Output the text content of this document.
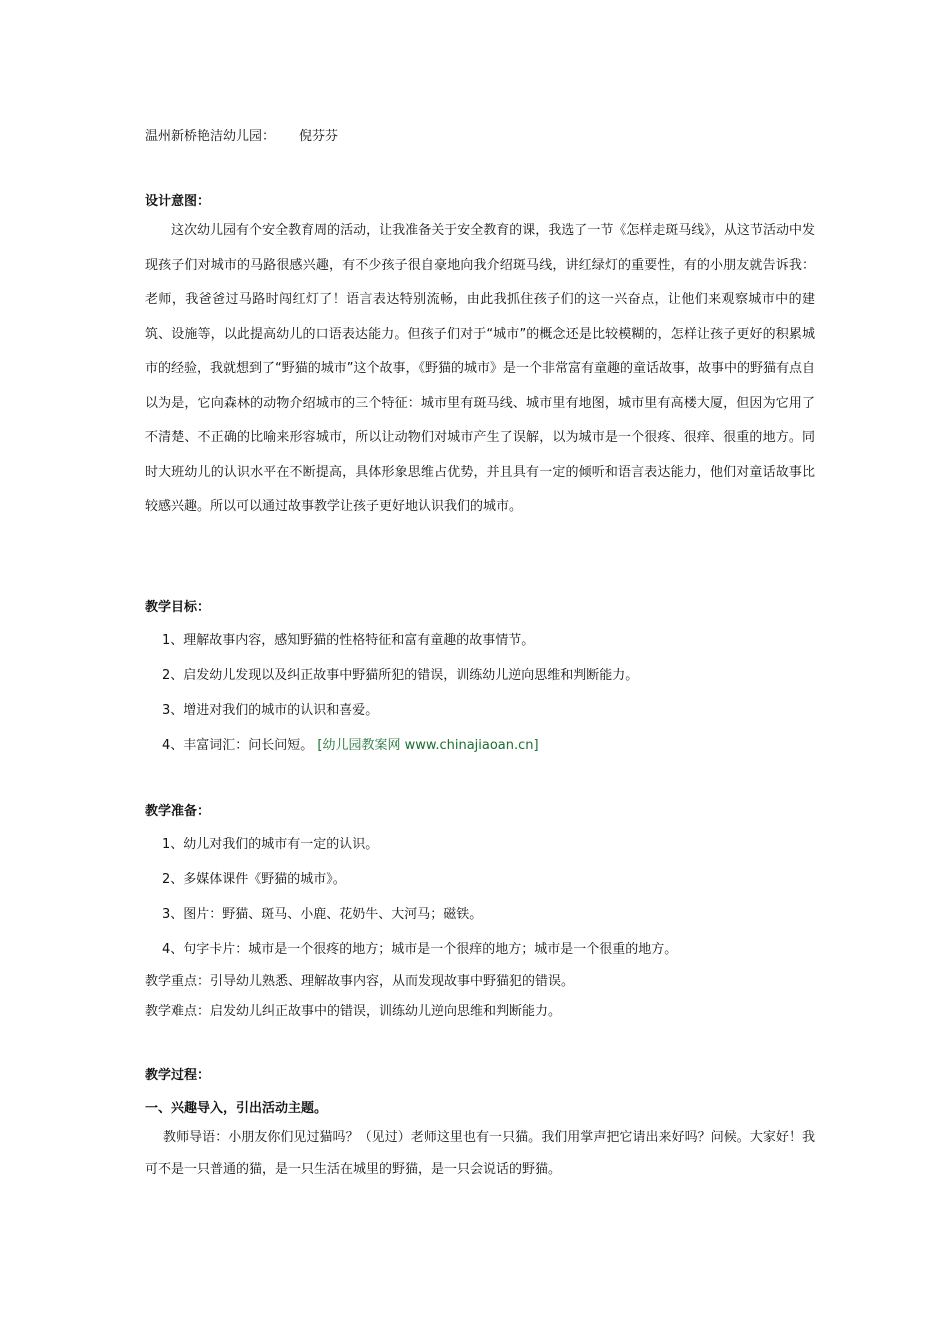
温州新桥艳洁幼儿园： 倪芬芬
设计意图：
这次幼儿园有个安全教育周的活动，让我准备关于安全教育的课，我选了一节《怎样走斑马线》，从这节活动中发现孩子们对城市的马路很感兴趣，有不少孩子很自豪地向我介绍斑马线，讲红绿灯的重要性，有的小朋友就告诉我：老师，我爸爸过马路时闯红灯了！语言表达特别流畅，由此我抓住孩子们的这一兴奋点，让他们来观察城市中的建筑、设施等，以此提高幼儿的口语表达能力。但孩子们对于“城市”的概念还是比较模糊的，怎样让孩子更好的积累城市的经验，我就想到了“野猫的城市”这个故事，《野猫的城市》是一个非常富有童趣的童话故事，故事中的野猫有点自以为是，它向森林的动物介绍城市的三个特征：城市里有斑马线、城市里有地图，城市里有高楼大厦，但因为它用了不清楚、不正确的比喻来形容城市，所以让动物们对城市产生了误解，以为城市是一个很疼、很痒、很重的地方。同时大班幼儿的认识水平在不断提高，具体形象思维占优势，并且具有一定的倾听和语言表达能力，他们对童话故事比较感兴趣。所以可以通过故事教学让孩子更好地认识我们的城市。
教学目标：
1、理解故事内容，感知野猫的性格特征和富有童趣的故事情节。
2、启发幼儿发现以及纠正故事中野猫所犯的错误，训练幼儿逆向思维和判断能力。
3、增进对我们的城市的认识和喜爱。
4、丰富词汇：问长问短。 [幼儿园教案网 www.chinajiaoan.cn]
教学准备：
1、幼儿对我们的城市有一定的认识。
2、多媒体课件《野猫的城市》。
3、图片：野猫、斑马、小鹿、花奶牛、大河马；磁铁。
4、句字卡片：城市是一个很疼的地方；城市是一个很痒的地方；城市是一个很重的地方。
教学重点：引导幼儿熟悉、理解故事内容，从而发现故事中野猫犯的错误。
教学难点：启发幼儿纠正故事中的错误，训练幼儿逆向思维和判断能力。
教学过程：
一、兴趣导入，引出活动主题。
教师导语：小朋友你们见过猫吗？（见过）老师这里也有一只猫。我们用掌声把它请出来好吗？问候。大家好！我可不是一只普通的猫，是一只生活在城里的野猫，是一只会说话的野猫。
